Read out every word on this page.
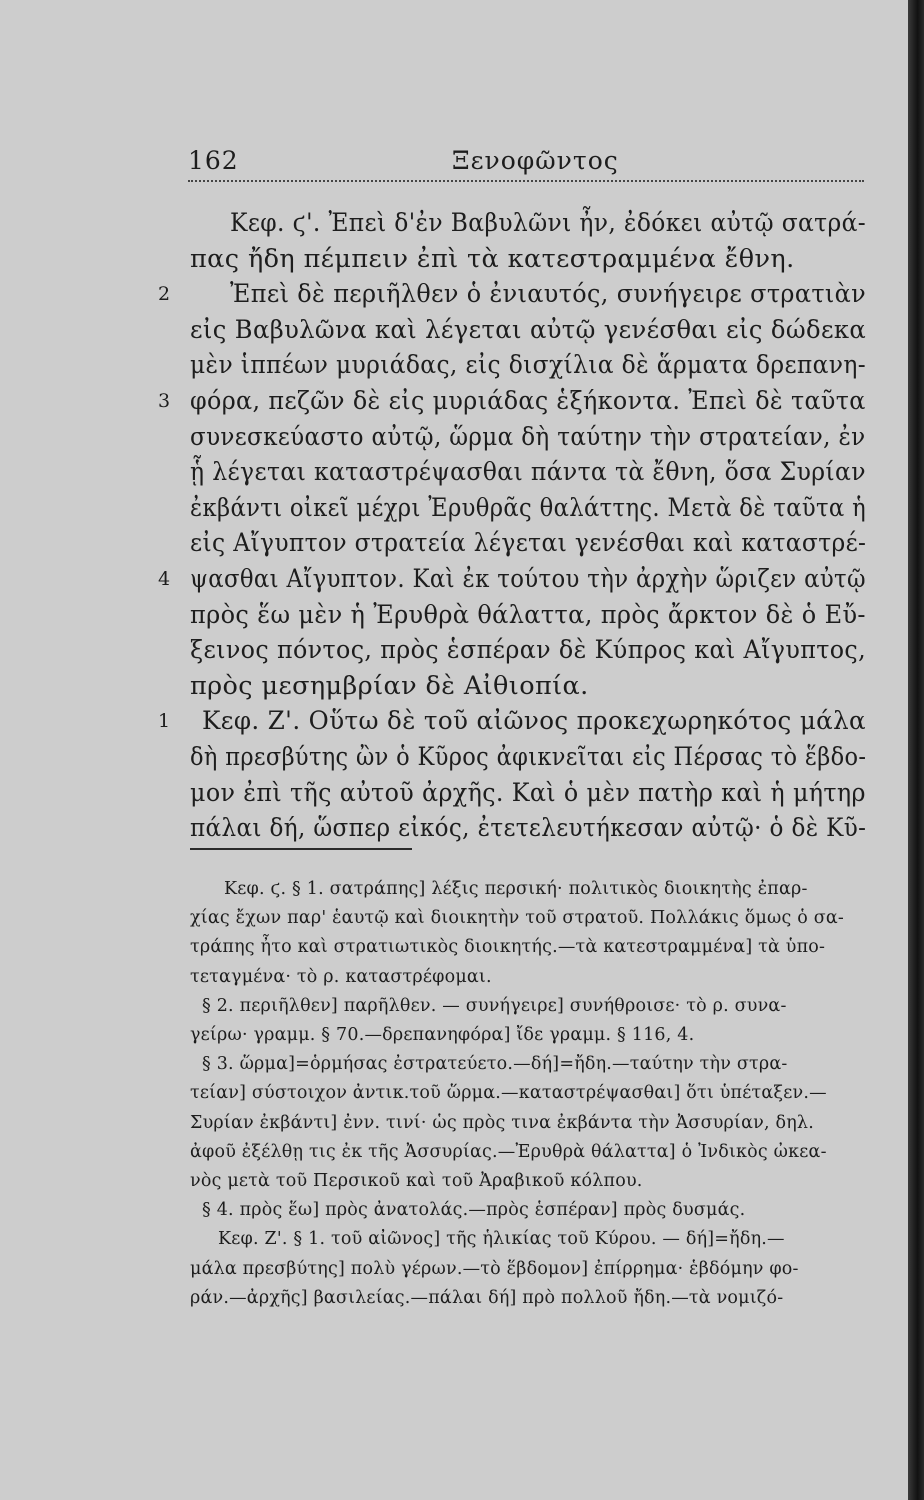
162	Ξενοφῶντος
Κεφ. ϛ'. Ἐπεὶ δ'ἐν Βαβυλῶνι ἦν, ἐδόκει αὐτῷ σατρά-
πας ἤδη πέμπειν ἐπὶ τὰ κατεστραμμένα ἔθνη.
2 Ἐπεὶ δὲ περιῆλθεν ὁ ἐνιαυτός, συνήγειρε στρατιὰν
εἰς Βαβυλῶνα καὶ λέγεται αὐτῷ γενέσθαι εἰς δώδεκα
μὲν ἱππέων μυριάδας, εἰς δισχίλια δὲ ἅρματα δρεπανη-
3 φόρα, πεζῶν δὲ εἰς μυριάδας ἑξήκοντα. Ἐπεὶ δὲ ταῦτα
συνεσκεύαστο αὐτῷ, ὥρμα δὴ ταύτην τὴν στρατείαν, ἐν
ᾗ λέγεται καταστρέψασθαι πάντα τὰ ἔθνη, ὅσα Συρίαν
ἐκβάντι οἰκεῖ μέχρι Ἐρυθρᾶς θαλάττης. Μετὰ δὲ ταῦτα ἡ
εἰς Αἴγυπτον στρατεία λέγεται γενέσθαι καὶ καταστρέ-
4 ψασθαι Αἴγυπτον. Καὶ ἐκ τούτου τὴν ἀρχὴν ὥριζεν αὐτῷ
πρὸς ἕω μὲν ἡ Ἐρυθρὰ θάλαττα, πρὸς ἄρκτον δὲ ὁ Εὔ-
ξεινος πόντος, πρὸς ἑσπέραν δὲ Κύπρος καὶ Αἴγυπτος,
πρὸς μεσημβρίαν δὲ Αἰθιοπία.
1 Κεφ. Ζ'. Οὕτω δὲ τοῦ αἰῶνος προκεχωρηκότος μάλα
δὴ πρεσβύτης ὢν ὁ Κῦρος ἀφικνεῖται εἰς Πέρσας τὸ ἕβδο-
μον ἐπὶ τῆς αὐτοῦ ἀρχῆς. Καὶ ὁ μὲν πατὴρ καὶ ἡ μήτηρ
πάλαι δή, ὥσπερ εἰκός, ἐτετελευτήκεσαν αὐτῷ· ὁ δὲ Κῦ-
Κεφ. ϛ. § 1. σατράπης] λέξις περσική· πολιτικὸς διοικητὴς ἐπαρ-
χίας ἔχων παρ' ἑαυτῷ καὶ διοικητὴν τοῦ στρατοῦ. Πολλάκις ὅμως ὁ σα-
τράπης ἦτο καὶ στρατιωτικὸς διοικητής.—τὰ κατεστραμμένα] τὰ ὑπο-
τεταγμένα· τὸ ρ. καταστρέφομαι.
§ 2. περιῆλθεν] παρῆλθεν. — συνήγειρε] συνήθροισε· τὸ ρ. συνα-
γείρω· γραμμ. § 70.—δρεπανηφόρα] ἴδε γραμμ. § 116, 4.
§ 3. ὥρμα]=ὁρμήσας ἐστρατεύετο.—δή]=ἤδη.—ταύτην τὴν στρα-
τείαν] σύστοιχον ἀντικ.τοῦ ὥρμα.—καταστρέψασθαι] ὅτι ὑπέταξεν.—
Συρίαν ἐκβάντι] ἐνν. τινί· ὡς πρὸς τινα ἐκβάντα τὴν Ἀσσυρίαν, δηλ.
ἀφοῦ ἐξέλθῃ τις ἐκ τῆς Ἀσσυρίας.—Ἐρυθρὰ θάλαττα] ὁ Ἰνδικὸς ὠκεα-
νὸς μετὰ τοῦ Περσικοῦ καὶ τοῦ Ἀραβικοῦ κόλπου.
§ 4. πρὸς ἕω] πρὸς ἀνατολάς.—πρὸς ἑσπέραν] πρὸς δυσμάς.
Κεφ. Ζ'. § 1. τοῦ αἰῶνος] τῆς ἡλικίας τοῦ Κύρου. — δή]=ἤδη.—
μάλα πρεσβύτης] πολὺ γέρων.—τὸ ἕβδομον] ἐπίρρημα· ἑβδόμην φο-
ράν.—ἀρχῆς] βασιλείας.—πάλαι δή] πρὸ πολλοῦ ἤδη.—τὰ νομιζό-
